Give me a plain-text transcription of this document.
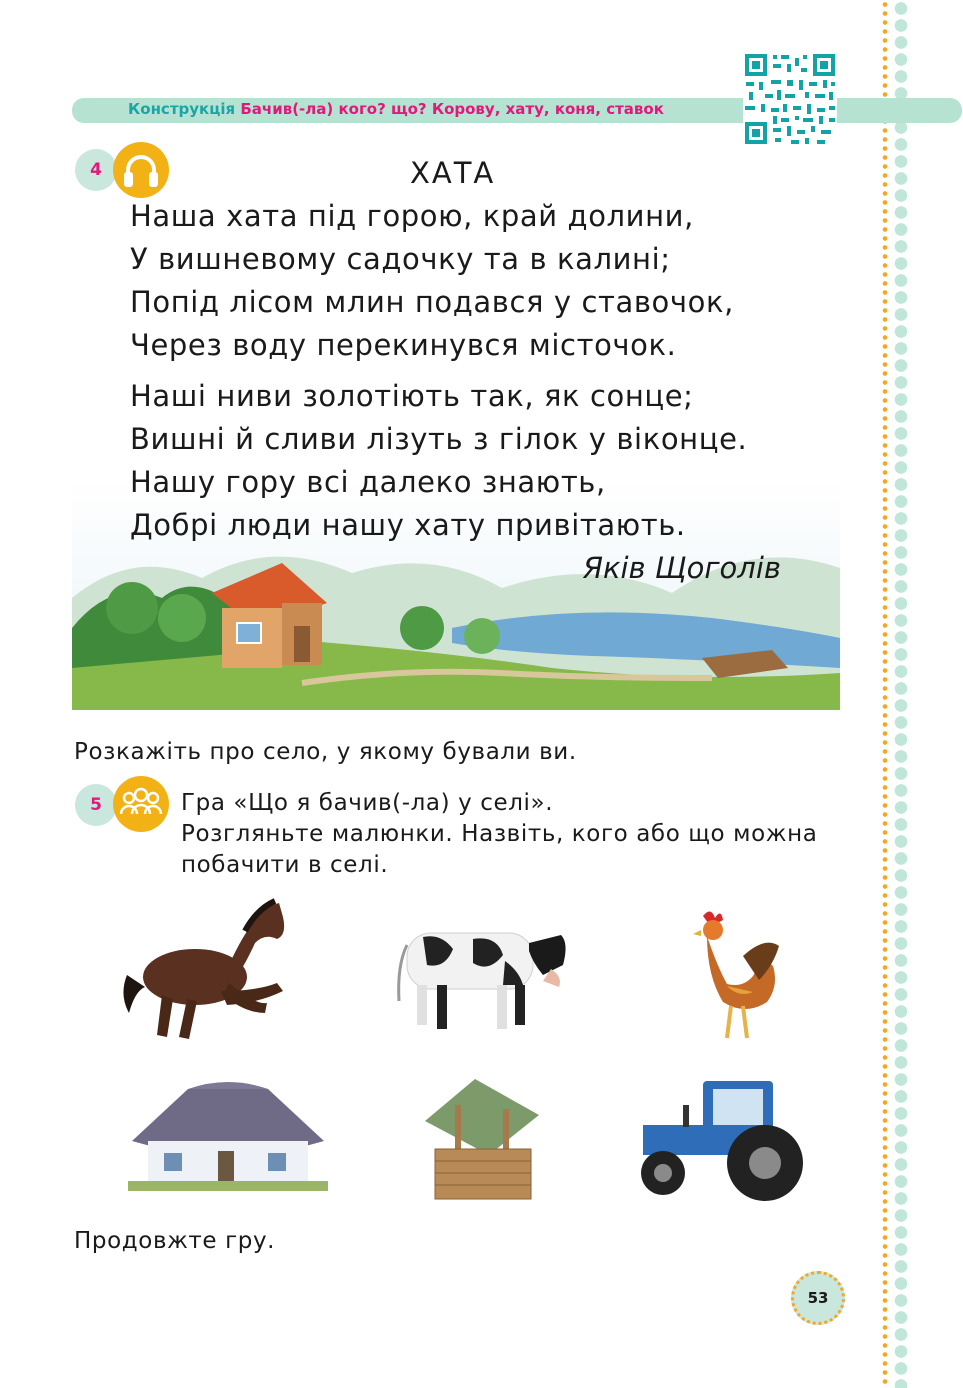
Конструкція Бачив(-ла) кого? що? Корову, хату, коня, ставок
4	ХАТА
Наша хата під горою, край долини,
У вишневому садочку та в калині;
Попід лісом млин подався у ставочок,
Через воду перекинувся місточок.
Наші ниви золотіють так, як сонце;
Вишні й сливи лізуть з гілок у віконце.
Нашу гору всі далеко знають,
Добрі люди нашу хату привітають.
Яків Щоголів
Розкажіть про село, у якому бували ви.
5	Гра «Що я бачив(-ла) у селі».
Розгляньте малюнки. Назвіть, кого або що можна
побачити в селі.
Продовжте гру.
53
